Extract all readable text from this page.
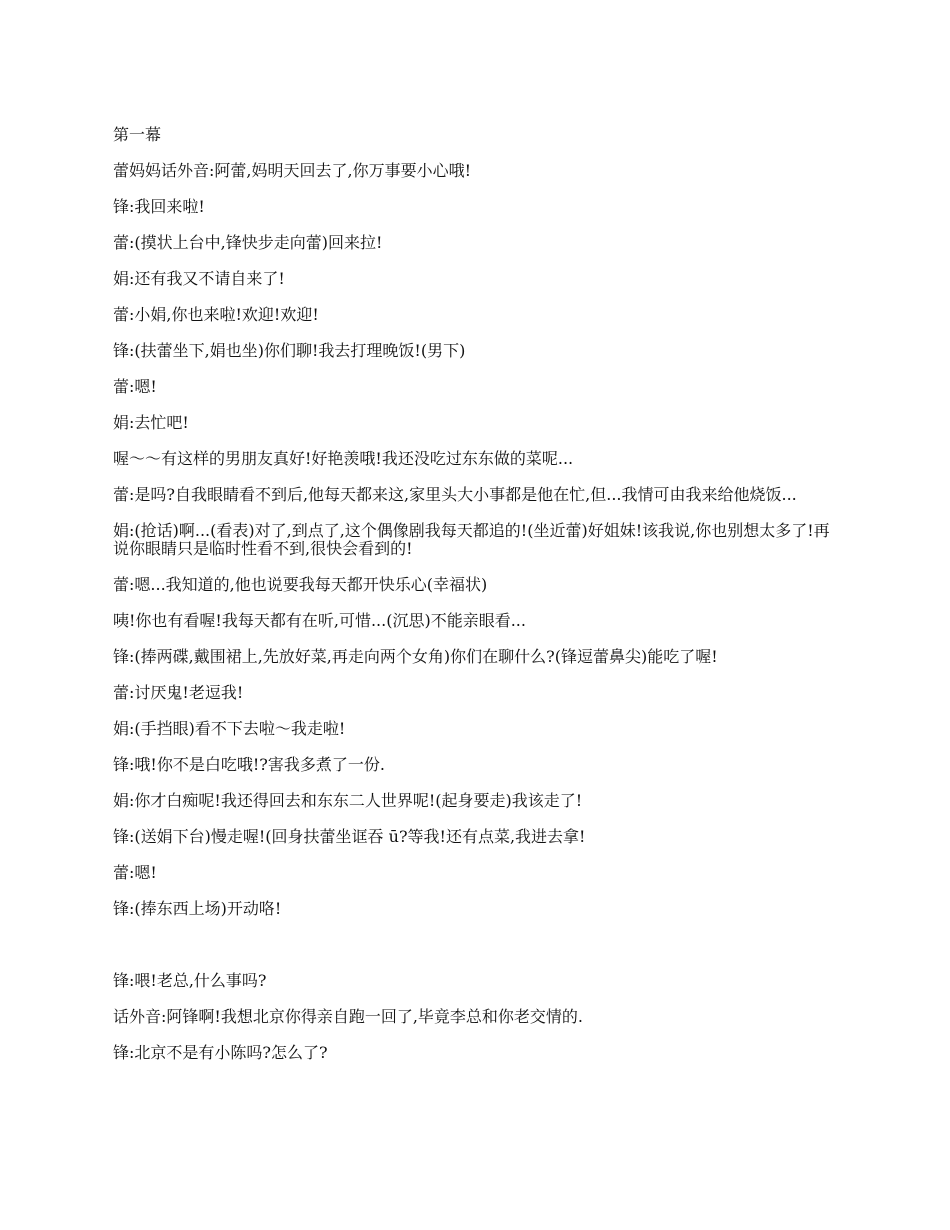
第一幕

蕾妈妈话外音:阿蕾,妈明天回去了,你万事要小心哦!

锋:我回来啦!

蕾:(摸状上台中,锋快步走向蕾)回来拉!

娟:还有我又不请自来了!

蕾:小娟,你也来啦!欢迎!欢迎!

锋:(扶蕾坐下,娟也坐)你们聊!我去打理晚饭!(男下)

蕾:嗯!

娟:去忙吧!

喔～～有这样的男朋友真好!好艳羡哦!我还没吃过东东做的菜呢...

蕾:是吗?自我眼睛看不到后,他每天都来这,家里头大小事都是他在忙,但...我情可由我来给他烧饭...

娟:(抢话)啊...(看表)对了,到点了,这个偶像剧我每天都追的!(坐近蕾)好姐妹!该我说,你也别想太多了!再说你眼睛只是临时性看不到,很快会看到的!

蕾:嗯...我知道的,他也说要我每天都开快乐心(幸福状)

咦!你也有看喔!我每天都有在听,可惜...(沉思)不能亲眼看...

锋:(捧两碟,戴围裙上,先放好菜,再走向两个女角)你们在聊什么?(锋逗蕾鼻尖)能吃了喔!

蕾:讨厌鬼!老逗我!

娟:(手挡眼)看不下去啦～我走啦!

锋:哦!你不是白吃哦!?害我多煮了一份.

娟:你才白痴呢!我还得回去和东东二人世界呢!(起身要走)我该走了!

锋:(送娟下台)慢走喔!(回身扶蕾坐诓吞 ū?等我!还有点菜,我进去拿!

蕾:嗯!

锋:(捧东西上场)开动咯!

锋:喂!老总,什么事吗?

话外音:阿锋啊!我想北京你得亲自跑一回了,毕竟李总和你老交情的.

锋:北京不是有小陈吗?怎么了?
